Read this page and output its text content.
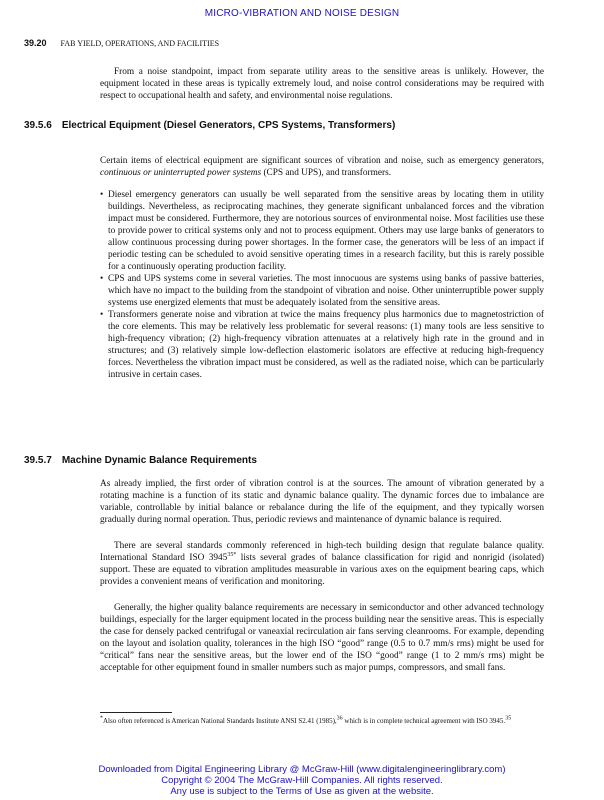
MICRO-VIBRATION AND NOISE DESIGN
39.20 FAB YIELD, OPERATIONS, AND FACILITIES

From a noise standpoint, impact from separate utility areas to the sensitive areas is unlikely. However, the equipment located in these areas is typically extremely loud, and noise control considerations may be required with respect to occupational health and safety, and environmental noise regulations.

39.5.6 Electrical Equipment (Diesel Generators, CPS Systems, Transformers)

Certain items of electrical equipment are significant sources of vibration and noise, such as emergency generators, continuous or uninterrupted power systems (CPS and UPS), and transformers.

• Diesel emergency generators can usually be well separated from the sensitive areas by locating them in utility buildings. Nevertheless, as reciprocating machines, they generate significant unbalanced forces and the vibration impact must be considered. Furthermore, they are notorious sources of environmental noise. Most facilities use these to provide power to critical systems only and not to process equipment. Others may use large banks of generators to allow continuous processing during power shortages. In the former case, the generators will be less of an impact if periodic testing can be scheduled to avoid sensitive operating times in a research facility, but this is rarely possible for a continuously operating production facility.
• CPS and UPS systems come in several varieties. The most innocuous are systems using banks of passive batteries, which have no impact to the building from the standpoint of vibration and noise. Other uninterruptible power supply systems use energized elements that must be adequately isolated from the sensitive areas.
• Transformers generate noise and vibration at twice the mains frequency plus harmonics due to magnetostriction of the core elements. This may be relatively less problematic for several reasons: (1) many tools are less sensitive to high-frequency vibration; (2) high-frequency vibration attenuates at a relatively high rate in the ground and in structures; and (3) relatively simple low-deflection elastomeric isolators are effective at reducing high-frequency forces. Nevertheless the vibration impact must be considered, as well as the radiated noise, which can be particularly intrusive in certain cases.
39.5.7 Machine Dynamic Balance Requirements

As already implied, the first order of vibration control is at the sources. The amount of vibration generated by a rotating machine is a function of its static and dynamic balance quality. The dynamic forces due to imbalance are variable, controllable by initial balance or rebalance during the life of the equipment, and they typically worsen gradually during normal operation. Thus, periodic reviews and maintenance of dynamic balance is required.

There are several standards commonly referenced in high-tech building design that regulate balance quality. International Standard ISO $3945^{35*}$ lists several grades of balance classification for rigid and nonrigid (isolated) support. These are equated to vibration amplitudes measurable in various axes on the equipment bearing caps, which provides a convenient means of verification and monitoring.

Generally, the higher quality balance requirements are necessary in semiconductor and other advanced technology buildings, especially for the larger equipment located in the process building near the sensitive areas. This is especially the case for densely packed centrifugal or vaneaxial recirculation air fans serving cleanrooms. For example, depending on the layout and isolation quality, tolerances in the high ISO “good” range (0.5 to 0.7 mm/s rms) might be used for “critical” fans near the sensitive areas, but the lower end of the ISO “good” range (1 to 2 mm/s rms) might be acceptable for other equipment found in smaller numbers such as major pumps, compressors, and small fans.

*Also often referenced is American National Standards Institute ANSI S2.41 (1985),$^{36}$ which is in complete technical agreement with ISO 3945.35

Downloaded from Digital Engineering Library @ McGraw-Hill (www.digitalengineeringlibrary.com)
Copyright © 2004 The McGraw-Hill Companies. All rights reserved.
Any use is subject to the Terms of Use as given at the website.
